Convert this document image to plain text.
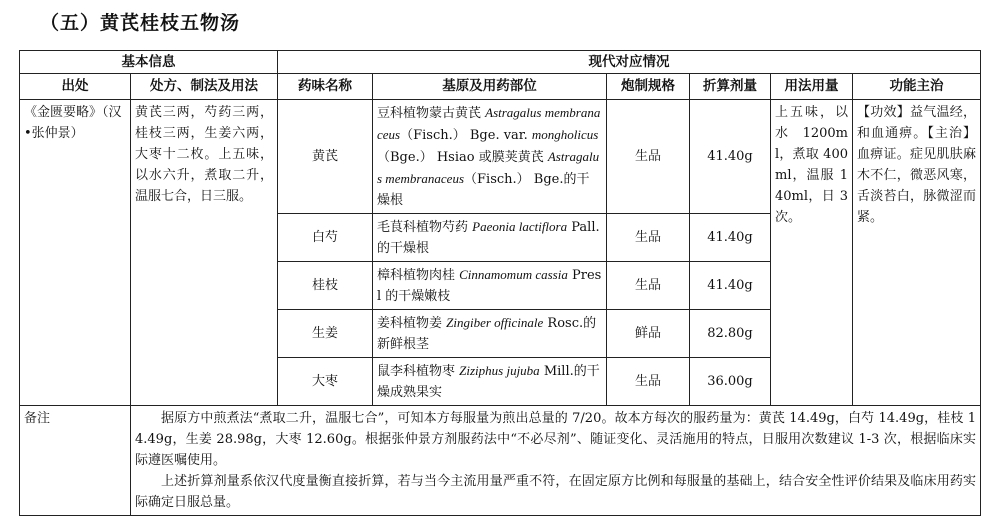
（五）黄芪桂枝五物汤
基本信息		现代对应情况					
出处	处方、制法及用法	药味名称	基原及用药部位	炮制规格	折算剂量	用法用量	功能主治
《金匮要略》（汉•张仲景）	黄芪三两，芍药三两，桂枝三两，生姜六两，大枣十二枚。上五味，以水六升，煮取二升，温服七合，日三服。	黄芪	豆科植物蒙古黄芪 Astragalus membranaceus（Fisch.） Bge. var. mongholicus（Bge.） Hsiao 或膜荚黄芪 Astragalus membranaceus（Fisch.） Bge.的干燥根	生品	41.40g	上五味，以水 1200ml，煮取 400ml，温服 140ml，日 3 次。	【功效】益气温经，和血通痹。【主治】血痹证。症见肌肤麻木不仁，微恶风寒，舌淡苔白，脉微涩而紧。
		白芍	毛茛科植物芍药 Paeonia lactiflora Pall.的干燥根	生品	41.40g		
		桂枝	樟科植物肉桂 Cinnamomum cassia Presl 的干燥嫩枝	生品	41.40g		
		生姜	姜科植物姜 Zingiber officinale Rosc.的新鲜根茎	鲜品	82.80g		
		大枣	鼠李科植物枣 Ziziphus jujuba Mill.的干燥成熟果实	生品	36.00g		
备注	据原方中煎煮法“煮取二升，温服七合”，可知本方每服量为煎出总量的 7/20。故本方每次的服药量为：黄芪 14.49g，白芍 14.49g，桂枝 14.49g，生姜 28.98g，大枣 12.60g。根据张仲景方剂服药法中“不必尽剂”、随证变化、灵活施用的特点，日服用次数建议 1-3 次，根据临床实际遵医嘱使用。

上述折算剂量系依汉代度量衡直接折算，若与当今主流用量严重不符，在固定原方比例和每服量的基础上，结合安全性评价结果及临床用药实际确定日服总量。						
